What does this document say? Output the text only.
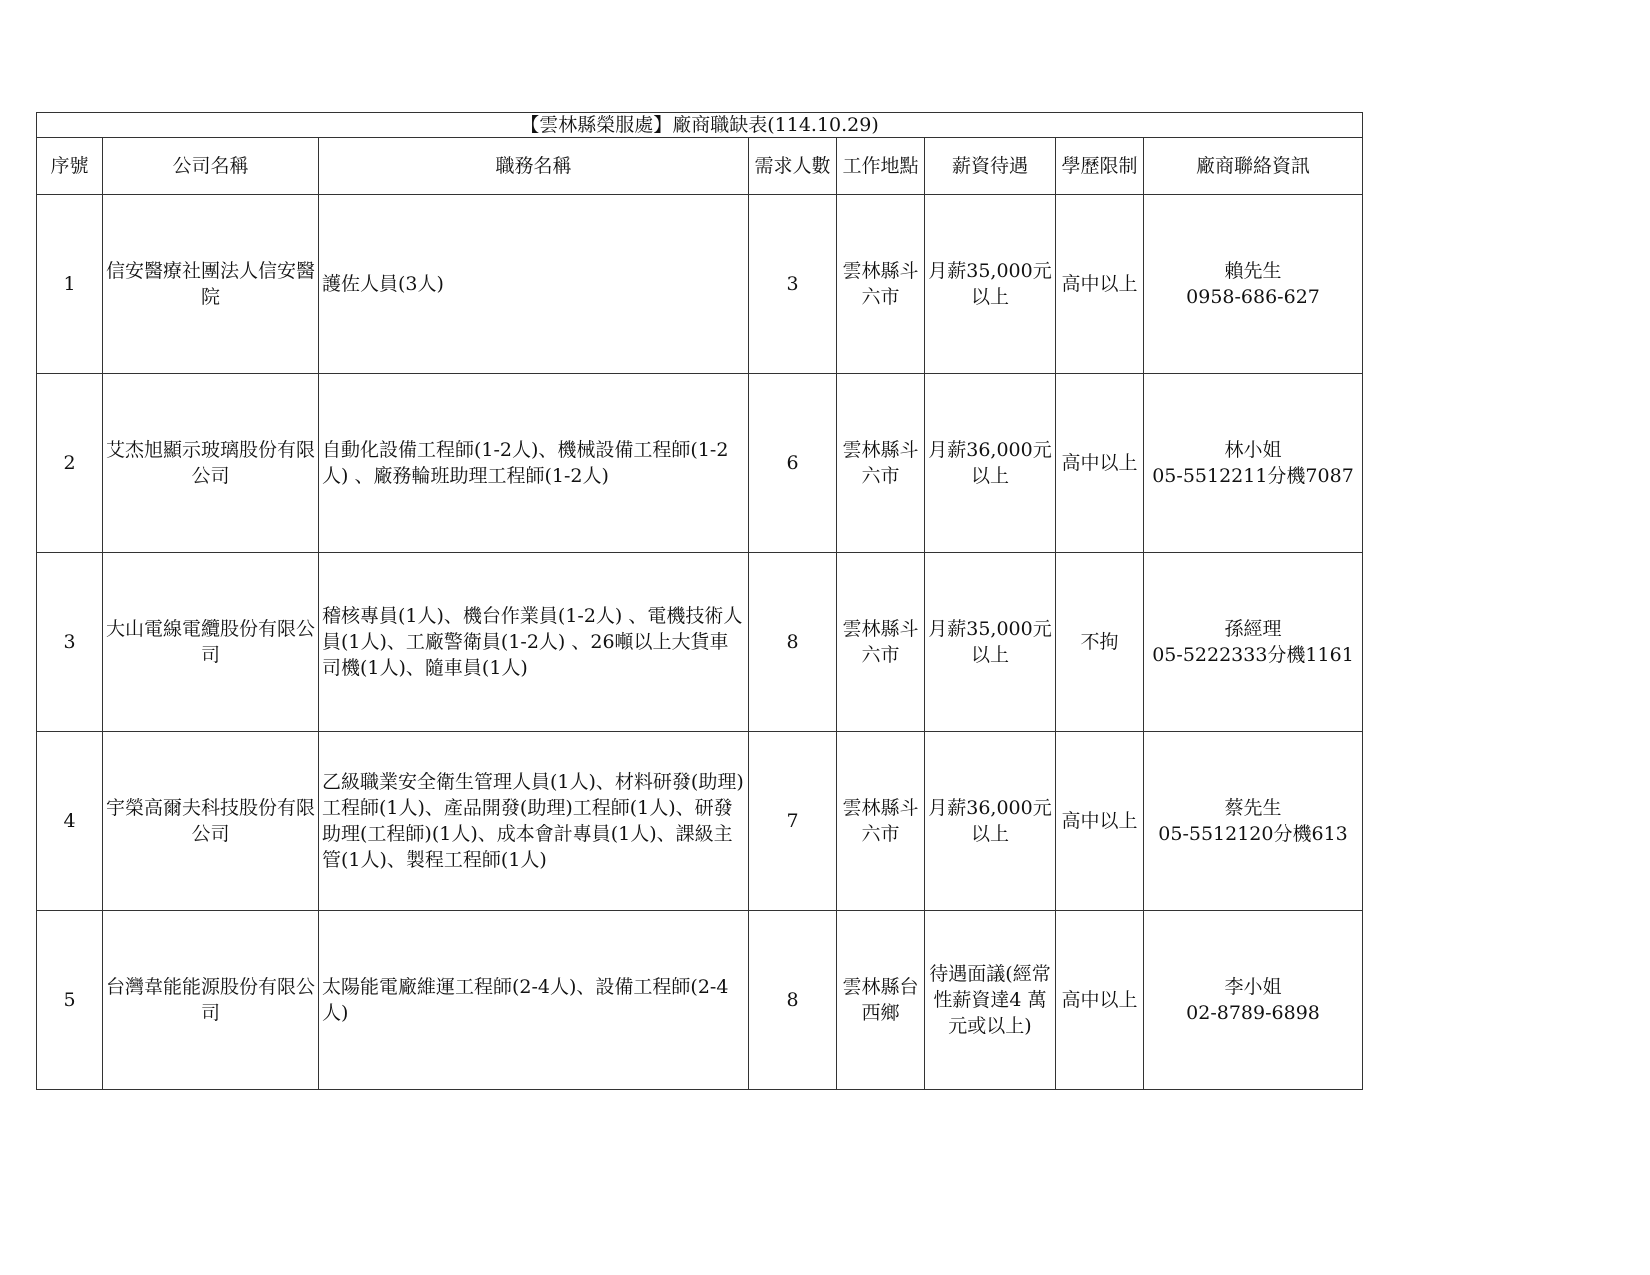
【雲林縣榮服處】廠商職缺表(114.10.29)							
序號	公司名稱	職務名稱	需求人數	工作地點	薪資待遇	學歷限制	廠商聯絡資訊
1	信安醫療社團法人信安醫院	護佐人員(3人)	3	雲林縣斗六市	月薪35,000元以上	高中以上	賴先生
0958-686-627

2	艾杰旭顯示玻璃股份有限公司	自動化設備工程師(1-2人)、機械設備工程師(1-2人) 、廠務輪班助理工程師(1-2人)	6	雲林縣斗六市	月薪36,000元以上	高中以上	林小姐
05-5512211分機7087

3	大山電線電纜股份有限公司	稽核專員(1人)、機台作業員(1-2人) 、電機技術人員(1人)、工廠警衛員(1-2人) 、26噸以上大貨車司機(1人)、隨車員(1人)	8	雲林縣斗六市	月薪35,000元以上	不拘	孫經理
05-5222333分機1161

4	宇榮高爾夫科技股份有限公司	乙級職業安全衛生管理人員(1人)、材料研發(助理)工程師(1人)、產品開發(助理)工程師(1人)、研發助理(工程師)(1人)、成本會計專員(1人)、課級主管(1人)、製程工程師(1人)	7	雲林縣斗六市	月薪36,000元以上	高中以上	蔡先生
05-5512120分機613

5	台灣韋能能源股份有限公司	太陽能電廠維運工程師(2-4人)、設備工程師(2-4人)	8	雲林縣台西鄉	待遇面議(經常性薪資達4 萬元或以上)	高中以上	李小姐
02-8789-6898
